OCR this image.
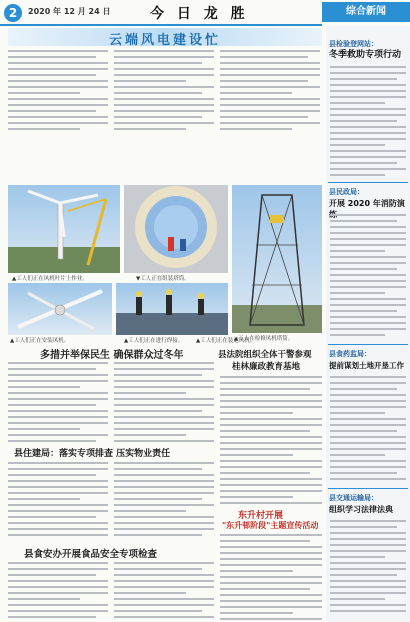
2	2020 年 12 月 24 日	今 日 龙 胜	综合新闻
云端风电建设忙
▲工人们正在风机叶片上作业。	▼工人正在组装塔筒。
▲工人在检修风机塔筒。
▲工人们正在安装风机。	▲工人们正在进行焊接。 ▲工人们正在装运风机。
多措并举保民生 确保群众过冬年
县住建局：落实专项排查 压实物业责任
县食安办开展食品安全专项检查
县法院组织全体干警参观
桂林廉政教育基地
东升村开展
"东升邨阶段"主题宣传活动
县检验登网站：
冬季救助专项行动
县民政局：
开展 2020 年消防演
县食药监局：
提前谋划土地开垦工作
县交通运输局：
组织学习法律法典
